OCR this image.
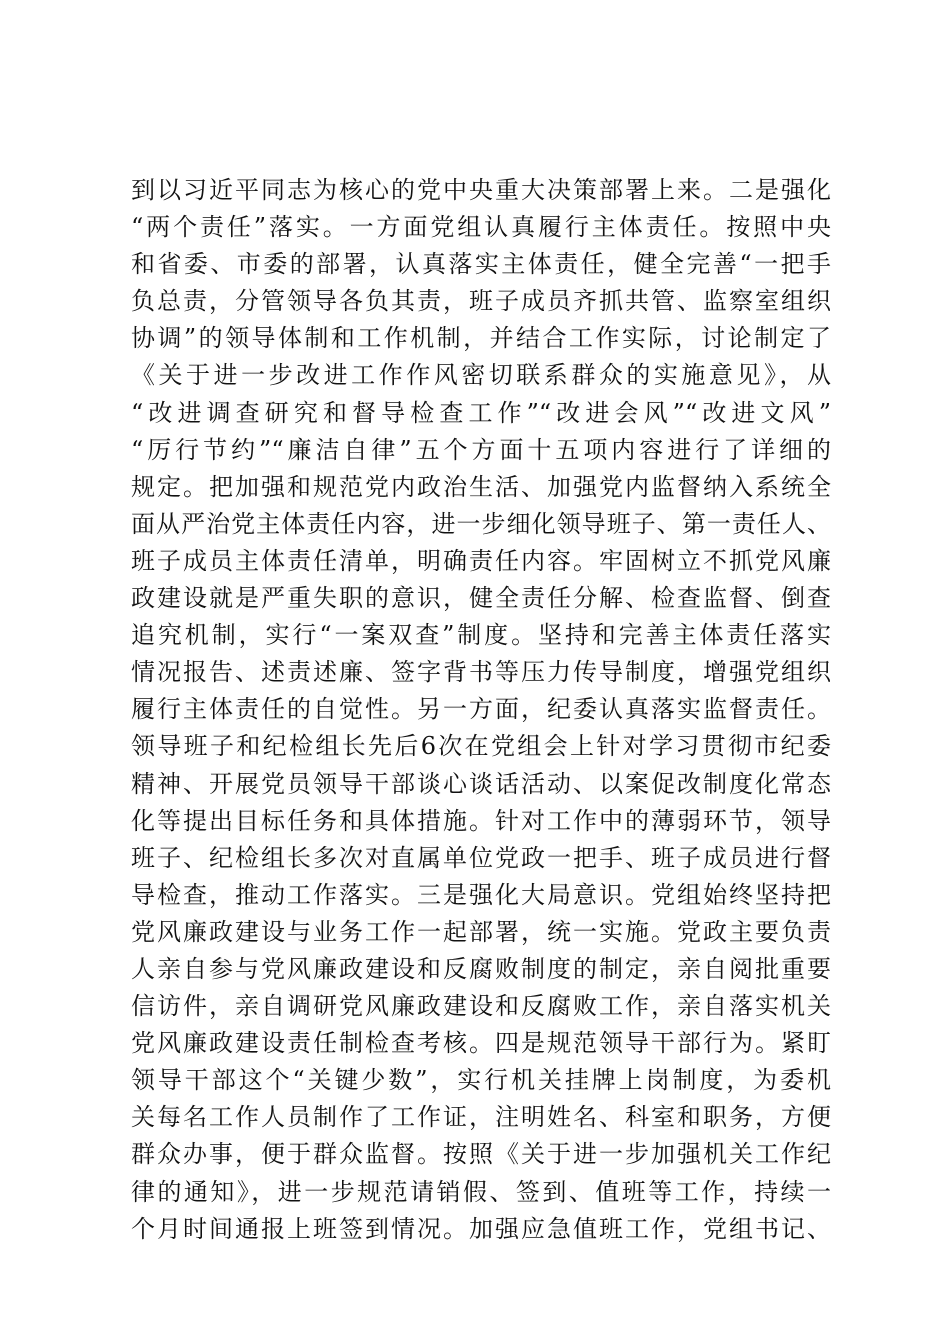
到以习近平同志为核心的党中央重大决策部署上来。二是强化
“两个责任”落实。一方面党组认真履行主体责任。按照中央
和省委、市委的部署，认真落实主体责任，健全完善“一把手
负总责，分管领导各负其责，班子成员齐抓共管、监察室组织
协调”的领导体制和工作机制，并结合工作实际，讨论制定了
《关于进一步改进工作作风密切联系群众的实施意见》，从
“改进调查研究和督导检查工作”“改进会风”“改进文风”
“厉行节约”“廉洁自律”五个方面十五项内容进行了详细的
规定。把加强和规范党内政治生活、加强党内监督纳入系统全
面从严治党主体责任内容，进一步细化领导班子、第一责任人、
班子成员主体责任清单，明确责任内容。牢固树立不抓党风廉
政建设就是严重失职的意识，健全责任分解、检查监督、倒查
追究机制，实行“一案双查”制度。坚持和完善主体责任落实
情况报告、述责述廉、签字背书等压力传导制度，增强党组织
履行主体责任的自觉性。另一方面，纪委认真落实监督责任。
领导班子和纪检组长先后6次在党组会上针对学习贯彻市纪委
精神、开展党员领导干部谈心谈话活动、以案促改制度化常态
化等提出目标任务和具体措施。针对工作中的薄弱环节，领导
班子、纪检组长多次对直属单位党政一把手、班子成员进行督
导检查，推动工作落实。三是强化大局意识。党组始终坚持把
党风廉政建设与业务工作一起部署，统一实施。党政主要负责
人亲自参与党风廉政建设和反腐败制度的制定，亲自阅批重要
信访件，亲自调研党风廉政建设和反腐败工作，亲自落实机关
党风廉政建设责任制检查考核。四是规范领导干部行为。紧盯
领导干部这个“关键少数”，实行机关挂牌上岗制度，为委机
关每名工作人员制作了工作证，注明姓名、科室和职务，方便
群众办事，便于群众监督。按照《关于进一步加强机关工作纪
律的通知》，进一步规范请销假、签到、值班等工作，持续一
个月时间通报上班签到情况。加强应急值班工作，党组书记、
